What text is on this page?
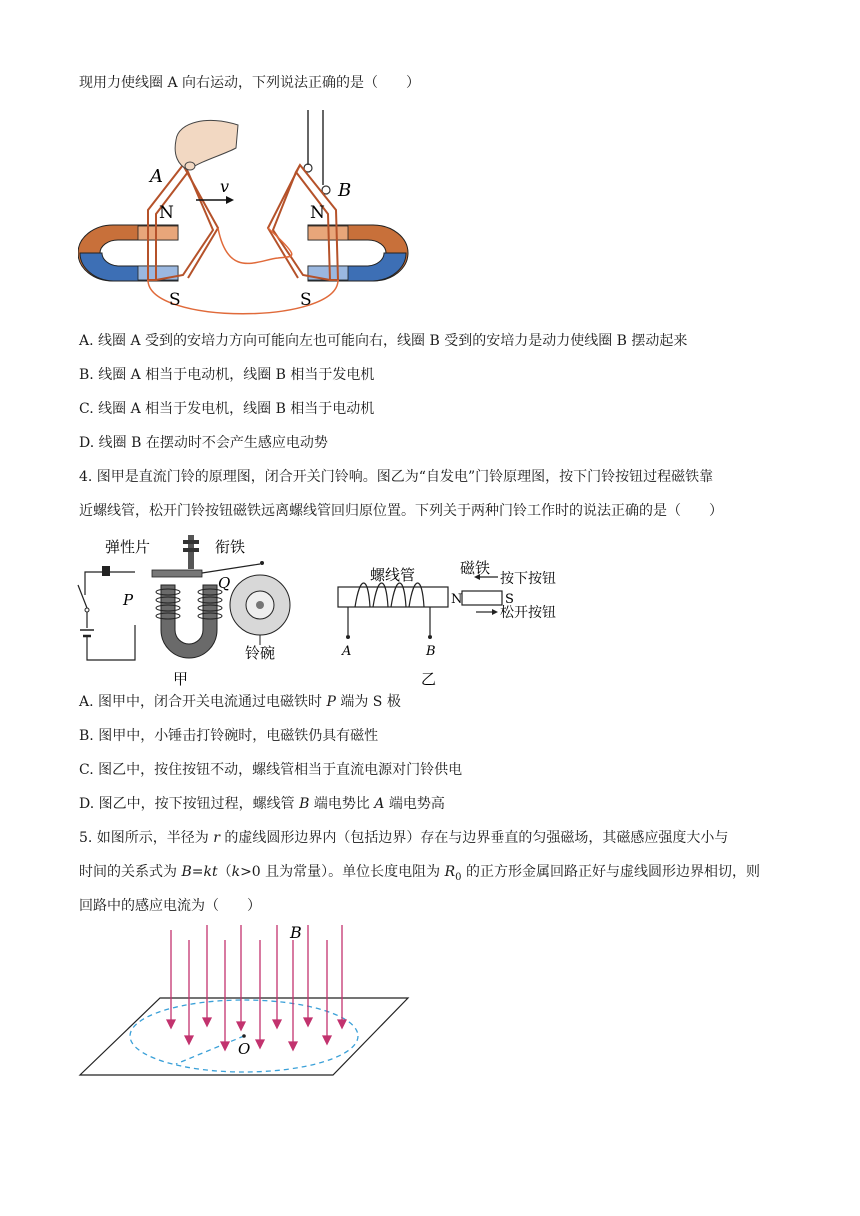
现用力使线圈 A 向右运动，下列说法正确的是（　　）
A
B
v
N	N
S	S
A. 线圈 A 受到的安培力方向可能向左也可能向右，线圈 B 受到的安培力是动力使线圈 B 摆动起来
B. 线圈 A 相当于电动机，线圈 B 相当于发电机
C. 线圈 A 相当于发电机，线圈 B 相当于电动机
D. 线圈 B 在摆动时不会产生感应电动势
4. 图甲是直流门铃的原理图，闭合开关门铃响。图乙为“自发电”门铃原理图，按下门铃按钮过程磁铁靠
近螺线管，松开门铃按钮磁铁远离螺线管回归原位置。下列关于两种门铃工作时的说法正确的是（　　）
弹性片	衔铁
P
Q
铃碗
甲
螺线管	磁铁
按下按钮
松开按钮
N	S
A	B
乙
A. 图甲中，闭合开关电流通过电磁铁时 P 端为 S 极
B. 图甲中，小锤击打铃碗时，电磁铁仍具有磁性
C. 图乙中，按住按钮不动，螺线管相当于直流电源对门铃供电
D. 图乙中，按下按钮过程，螺线管 B 端电势比 A 端电势高
5. 如图所示，半径为 r 的虚线圆形边界内（包括边界）存在与边界垂直的匀强磁场，其磁感应强度大小与
时间的关系式为 B=kt（k>0 且为常量）。单位长度电阻为 $R_0$ 的正方形金属回路正好与虚线圆形边界相切，则
回路中的感应电流为（　　）
B
O
